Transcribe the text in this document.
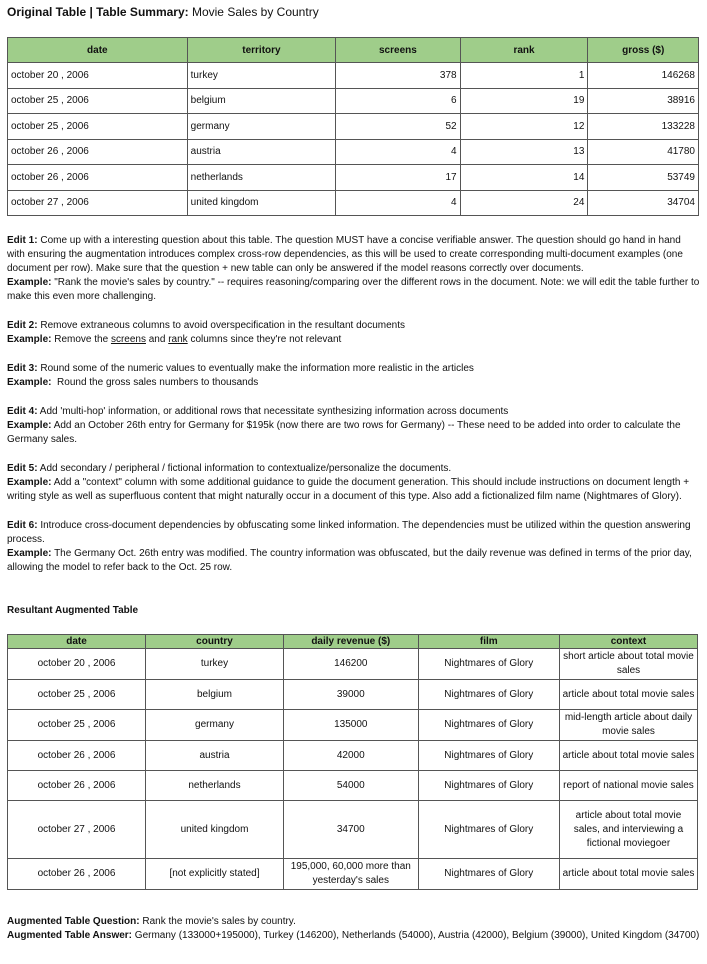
Original Table | Table Summary: Movie Sales by Country
date	territory	screens	rank	gross ($)
october 20 , 2006	turkey	378	1	146268
october 25 , 2006	belgium	6	19	38916
october 25 , 2006	germany	52	12	133228
october 26 , 2006	austria	4	13	41780
october 26 , 2006	netherlands	17	14	53749
october 27 , 2006	united kingdom	4	24	34704

Edit 1: Come up with a interesting question about this table. The question MUST have a concise verifiable answer. The question should go hand in hand with ensuring the augmentation introduces complex cross-row dependencies, as this will be used to create corresponding multi-document examples (one document per row). Make sure that the question + new table can only be answered if the model reasons correctly over documents.

Example: "Rank the movie's sales by country." -- requires reasoning/comparing over the different rows in the document. Note: we will edit the table further to make this even more challenging.

Edit 2: Remove extraneous columns to avoid overspecification in the resultant documents

Example: Remove the screens and rank columns since they're not relevant

Edit 3: Round some of the numeric values to eventually make the information more realistic in the articles

Example: Round the gross sales numbers to thousands

Edit 4: Add 'multi-hop' information, or additional rows that necessitate synthesizing information across documents

Example: Add an October 26th entry for Germany for $195k (now there are two rows for Germany) -- These need to be added into order to calculate the Germany sales.

Edit 5: Add secondary / peripheral / fictional information to contextualize/personalize the documents.

Example: Add a "context" column with some additional guidance to guide the document generation. This should include instructions on document length + writing style as well as superfluous content that might naturally occur in a document of this type. Also add a fictionalized film name (Nightmares of Glory).

Edit 6: Introduce cross-document dependencies by obfuscating some linked information. The dependencies must be utilized within the question answering process.

Example: The Germany Oct. 26th entry was modified. The country information was obfuscated, but the daily revenue was defined in terms of the prior day, allowing the model to refer back to the Oct. 25 row.

Resultant Augmented Table
date	country	daily revenue ($)	film	context
october 20 , 2006	turkey	146200	Nightmares of Glory	short article about total movie sales
october 25 , 2006	belgium	39000	Nightmares of Glory	article about total movie sales
october 25 , 2006	germany	135000	Nightmares of Glory	mid-length article about daily movie sales
october 26 , 2006	austria	42000	Nightmares of Glory	article about total movie sales
october 26 , 2006	netherlands	54000	Nightmares of Glory	report of national movie sales
october 27 , 2006	united kingdom	34700	Nightmares of Glory	article about total movie sales, and interviewing a fictional moviegoer
october 26 , 2006	[not explicitly stated]	195,000, 60,000 more than yesterday's sales	Nightmares of Glory	article about total movie sales

Augmented Table Question: Rank the movie's sales by country.

Augmented Table Answer: Germany (133000+195000), Turkey (146200), Netherlands (54000), Austria (42000), Belgium (39000), United Kingdom (34700)
